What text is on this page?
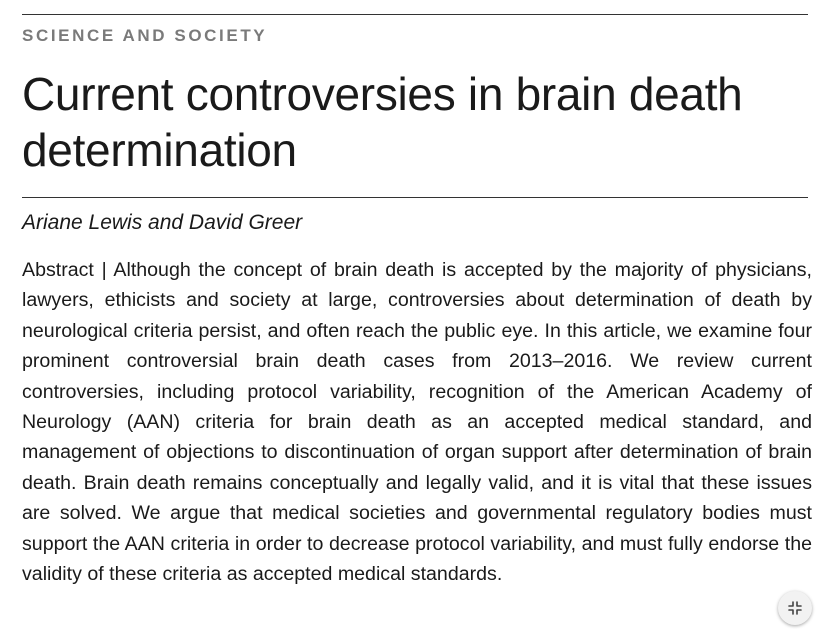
SCIENCE AND SOCIETY
Current controversies in brain death determination
Ariane Lewis and David Greer

Abstract | Although the concept of brain death is accepted by the majority of physicians, lawyers, ethicists and society at large, controversies about determination of death by neurological criteria persist, and often reach the public eye. In this article, we examine four prominent controversial brain death cases from 2013–2016. We review current controversies, including protocol variability, recognition of the American Academy of Neurology (AAN) criteria for brain death as an accepted medical standard, and management of objections to discontinuation of organ support after determination of brain death. Brain death remains conceptually and legally valid, and it is vital that these issues are solved. We argue that medical societies and governmental regulatory bodies must support the AAN criteria in order to decrease protocol variability, and must fully endorse the validity of these criteria as accepted medical standards.
